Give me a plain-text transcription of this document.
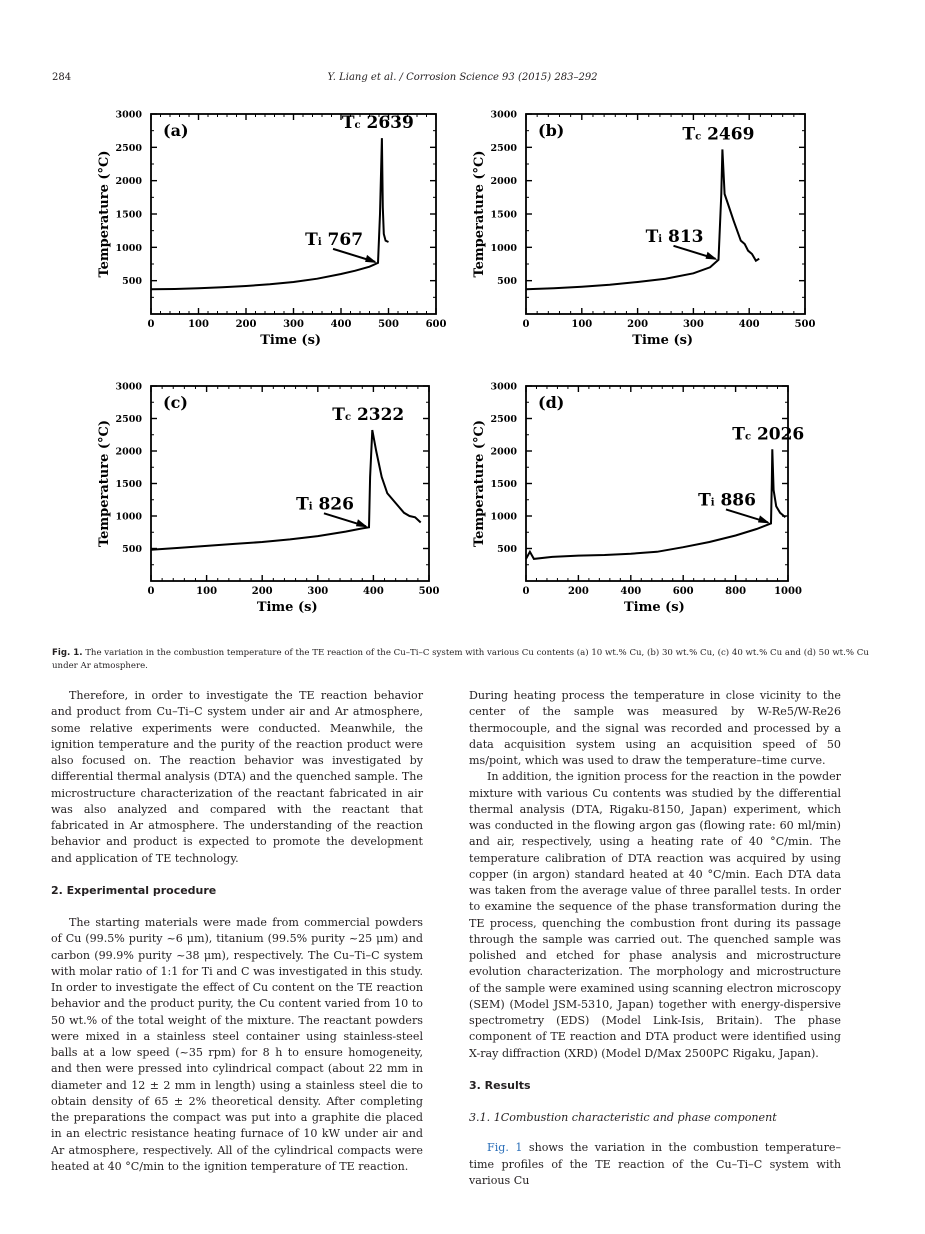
284	Y. Liang et al. / Corrosion Science 93 (2015) 283–292
0	100	200	300	400	500	600
500
1000
1500
2000
2500
3000
Time (s)
Temperature (°C)
(a)	Tc 2639
Ti 767
0	100	200	300	400	500
500
1000
1500
2000
2500
3000
Time (s)
Temperature (°C)
(b)	Tc 2469
Ti 813
0	100	200	300	400	500
500
1000
1500
2000
2500
3000
Time (s)
Temperature (°C)
(c)
Tc 2322
Ti 826
0	200	400	600	800	1000
500
1000
1500
2000
2500
3000
Time (s)
Temperature (°C)
(d)
Tc 2026
Ti 886
Fig. 1. The variation in the combustion temperature of the TE reaction of the Cu–Ti–C system with various Cu contents (a) 10 wt.% Cu, (b) 30 wt.% Cu, (c) 40 wt.% Cu and (d) 50 wt.% Cu under Ar atmosphere.

Therefore, in order to investigate the TE reaction behavior and product from Cu–Ti–C system under air and Ar atmosphere, some relative experiments were conducted. Meanwhile, the ignition temperature and the purity of the reaction product were also focused on. The reaction behavior was investigated by differential thermal analysis (DTA) and the quenched sample. The microstructure characterization of the reactant fabricated in air was also analyzed and compared with the reactant that fabricated in Ar atmosphere. The understanding of the reaction behavior and product is expected to promote the development and application of TE technology.

2. Experimental procedure

The starting materials were made from commercial powders of Cu (99.5% purity ~6 μm), titanium (99.5% purity ~25 μm) and carbon (99.9% purity ~38 μm), respectively. The Cu–Ti–C system with molar ratio of 1:1 for Ti and C was investigated in this study. In order to investigate the effect of Cu content on the TE reaction behavior and the product purity, the Cu content varied from 10 to 50 wt.% of the total weight of the mixture. The reactant powders were mixed in a stainless steel container using stainless-steel balls at a low speed (~35 rpm) for 8 h to ensure homogeneity, and then were pressed into cylindrical compact (about 22 mm in diameter and 12 ± 2 mm in length) using a stainless steel die to obtain density of 65 ± 2% theoretical density. After completing the preparations the compact was put into a graphite die placed in an electric resistance heating furnace of 10 kW under air and Ar atmosphere, respectively. All of the cylindrical compacts were heated at 40 °C/min to the ignition temperature of TE reaction.

During heating process the temperature in close vicinity to the center of the sample was measured by W-Re5/W-Re26 thermocouple, and the signal was recorded and processed by a data acquisition system using an acquisition speed of 50 ms/point, which was used to draw the temperature–time curve.

In addition, the ignition process for the reaction in the powder mixture with various Cu contents was studied by the differential thermal analysis (DTA, Rigaku-8150, Japan) experiment, which was conducted in the flowing argon gas (flowing rate: 60 ml/min) and air, respectively, using a heating rate of 40 °C/min. The temperature calibration of DTA reaction was acquired by using copper (in argon) standard heated at 40 °C/min. Each DTA data was taken from the average value of three parallel tests. In order to examine the sequence of the phase transformation during the TE process, quenching the combustion front during its passage through the sample was carried out. The quenched sample was polished and etched for phase analysis and microstructure evolution characterization. The morphology and microstructure of the sample were examined using scanning electron microscopy (SEM) (Model JSM-5310, Japan) together with energy-dispersive spectrometry (EDS) (Model Link-Isis, Britain). The phase component of TE reaction and DTA product were identified using X-ray diffraction (XRD) (Model D/Max 2500PC Rigaku, Japan).

3. Results

3.1. 1Combustion characteristic and phase component

Fig. 1 shows the variation in the combustion temperature–time profiles of the TE reaction of the Cu–Ti–C system with various Cu
